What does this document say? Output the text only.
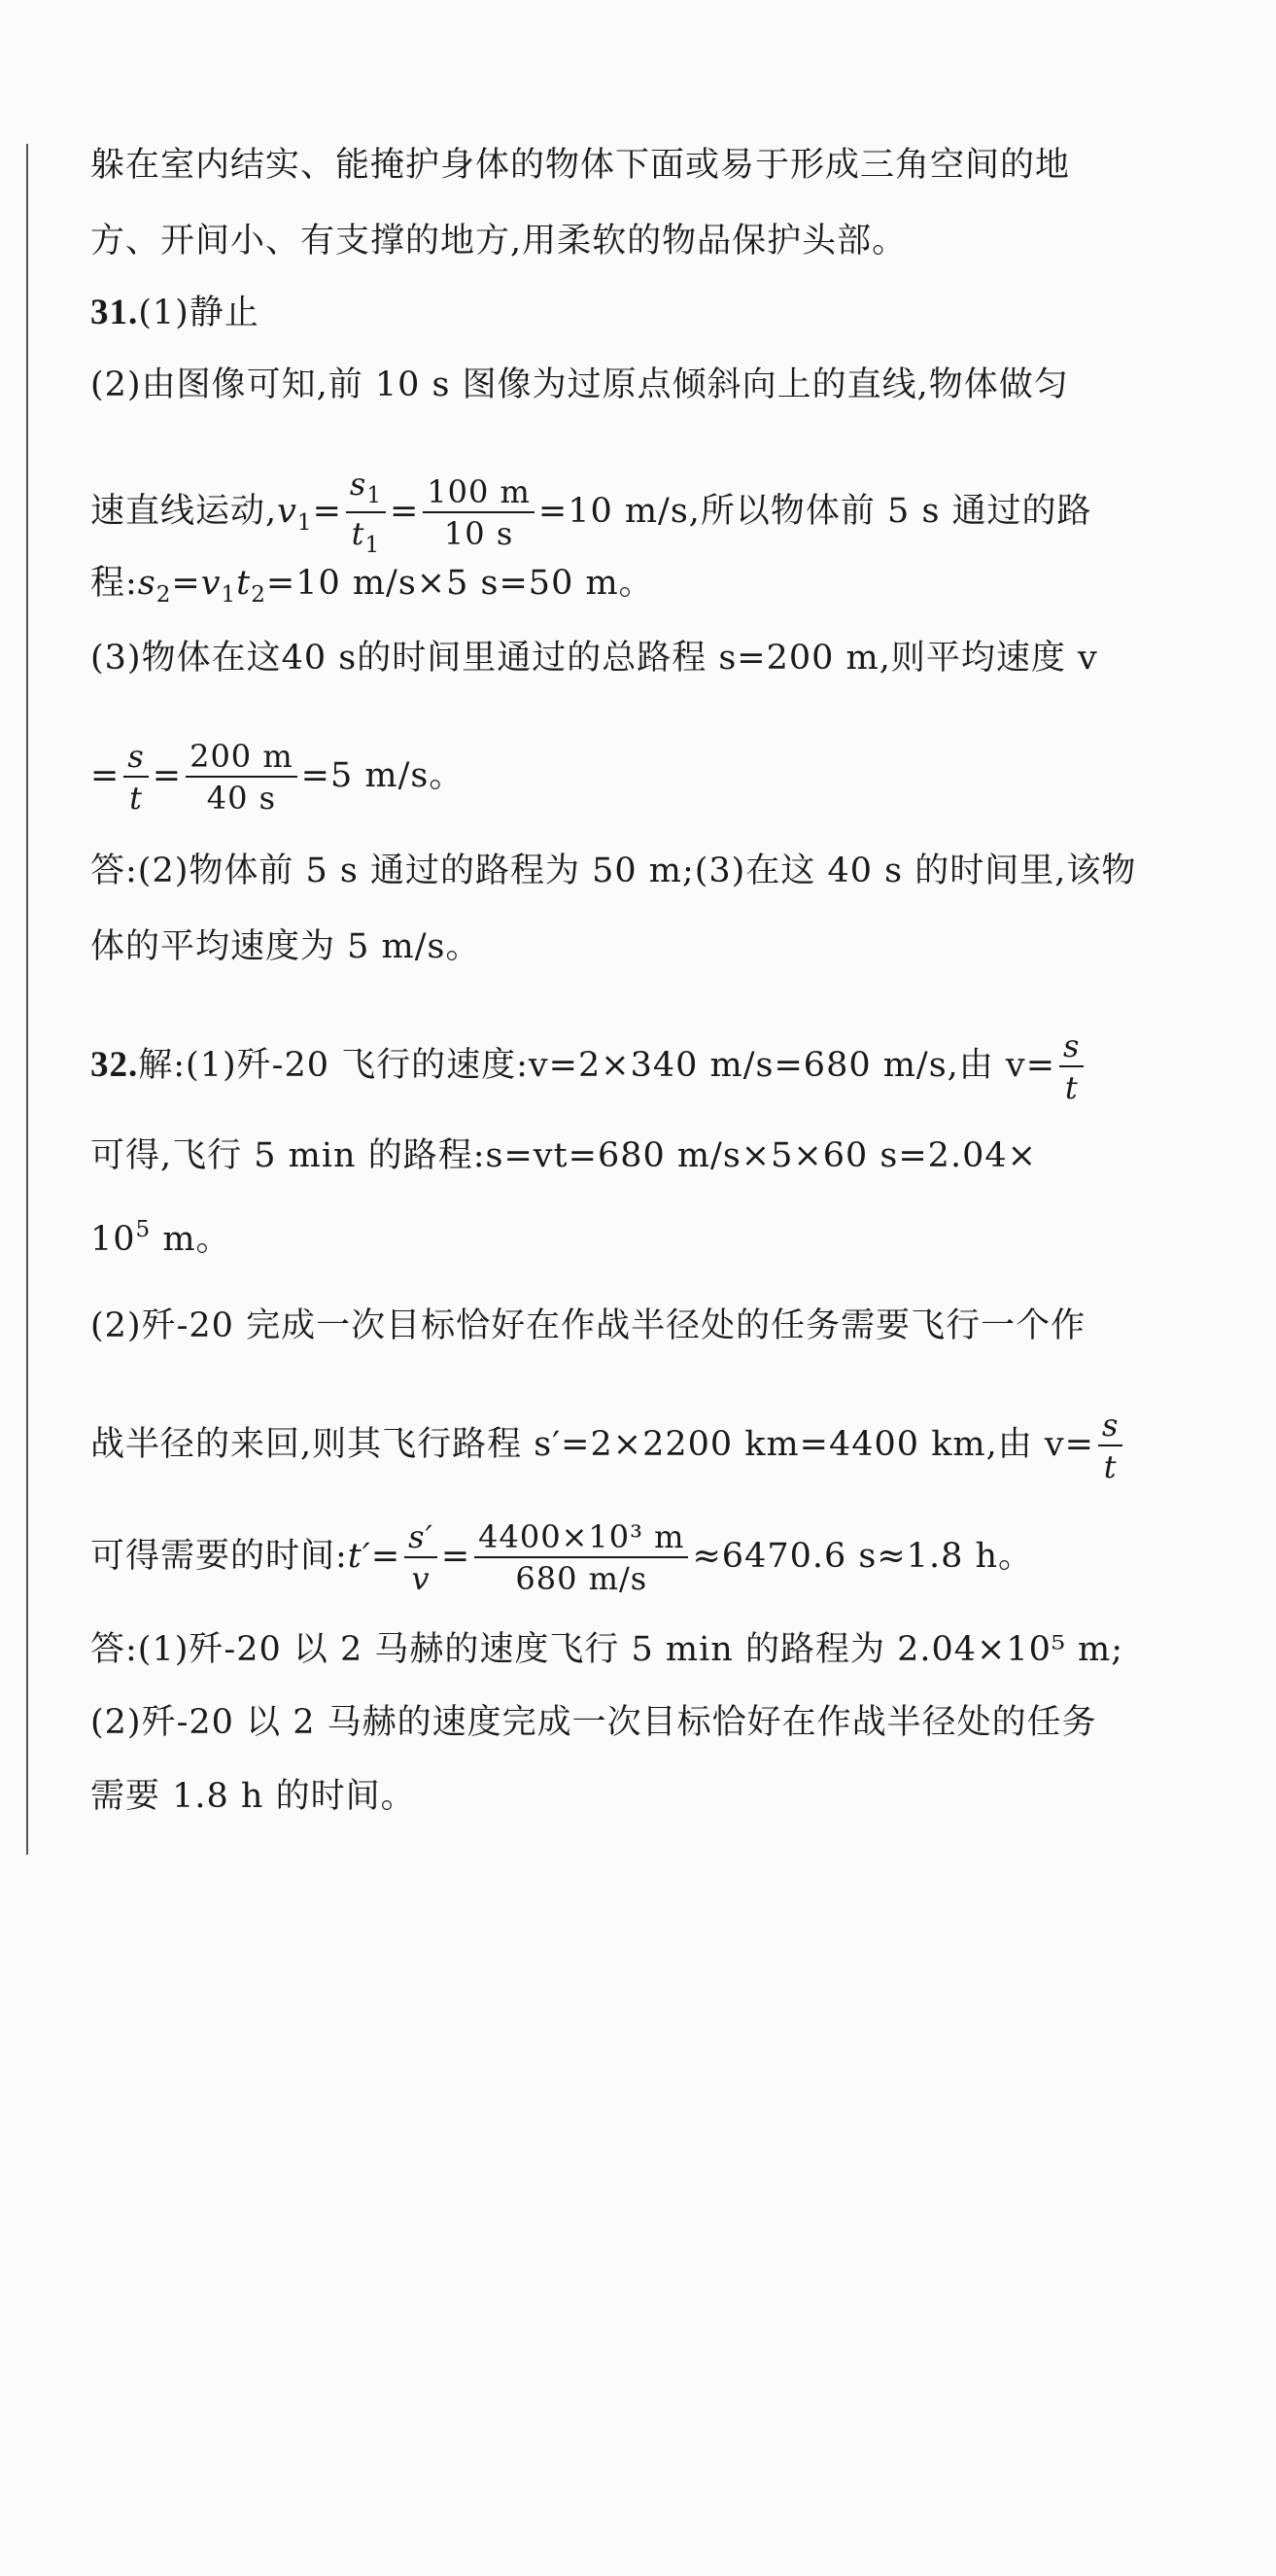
躲在室内结实、能掩护身体的物体下面或易于形成三角空间的地
方、开间小、有支撑的地方,用柔软的物品保护头部。
31.(1)静止
(2)由图像可知,前 10 s 图像为过原点倾斜向上的直线,物体做匀
速直线运动$,v_1= \frac{s_1}{t_1} = \frac{100 m}{10 s} =10$ m/s,所以物体前 5 s 通过的路
程$:s_2=v_1t_2=10$ m/s×5 s=50 m。
(3)物体在这40 s的时间里通过的总路程 s=200 m,则平均速度 v
= $\frac{s}{t} = \frac{200 m}{40 s} =5$ m/s。
答:(2)物体前 5 s 通过的路程为 50 m;(3)在这 40 s 的时间里,该物
体的平均速度为 5 m/s。
32.解:(1)歼-20 飞行的速度:v=2×340 m/s=680 m/s,由 $v= \frac{s}{t}$
可得,飞行 5 min 的路程:s=vt=680 m/s×5×60 s=2.04×
$10^5$ m。
(2)歼-20 完成一次目标恰好在作战半径处的任务需要飞行一个作
战半径的来回,则其飞行路程 s′=2×2200 km=4400 km,由 $v= \frac{s}{t}$
可得需要的时间:t′= $\frac{s'}{v} = \frac{\text{4400×10³ m}}{680 m/s} \approx 6470.6$ s≈1.8 h。
答:(1)歼-20 以 2 马赫的速度飞行 5 min 的路程为 2.04×10⁵ m;
(2)歼-20 以 2 马赫的速度完成一次目标恰好在作战半径处的任务
需要 1.8 h 的时间。
